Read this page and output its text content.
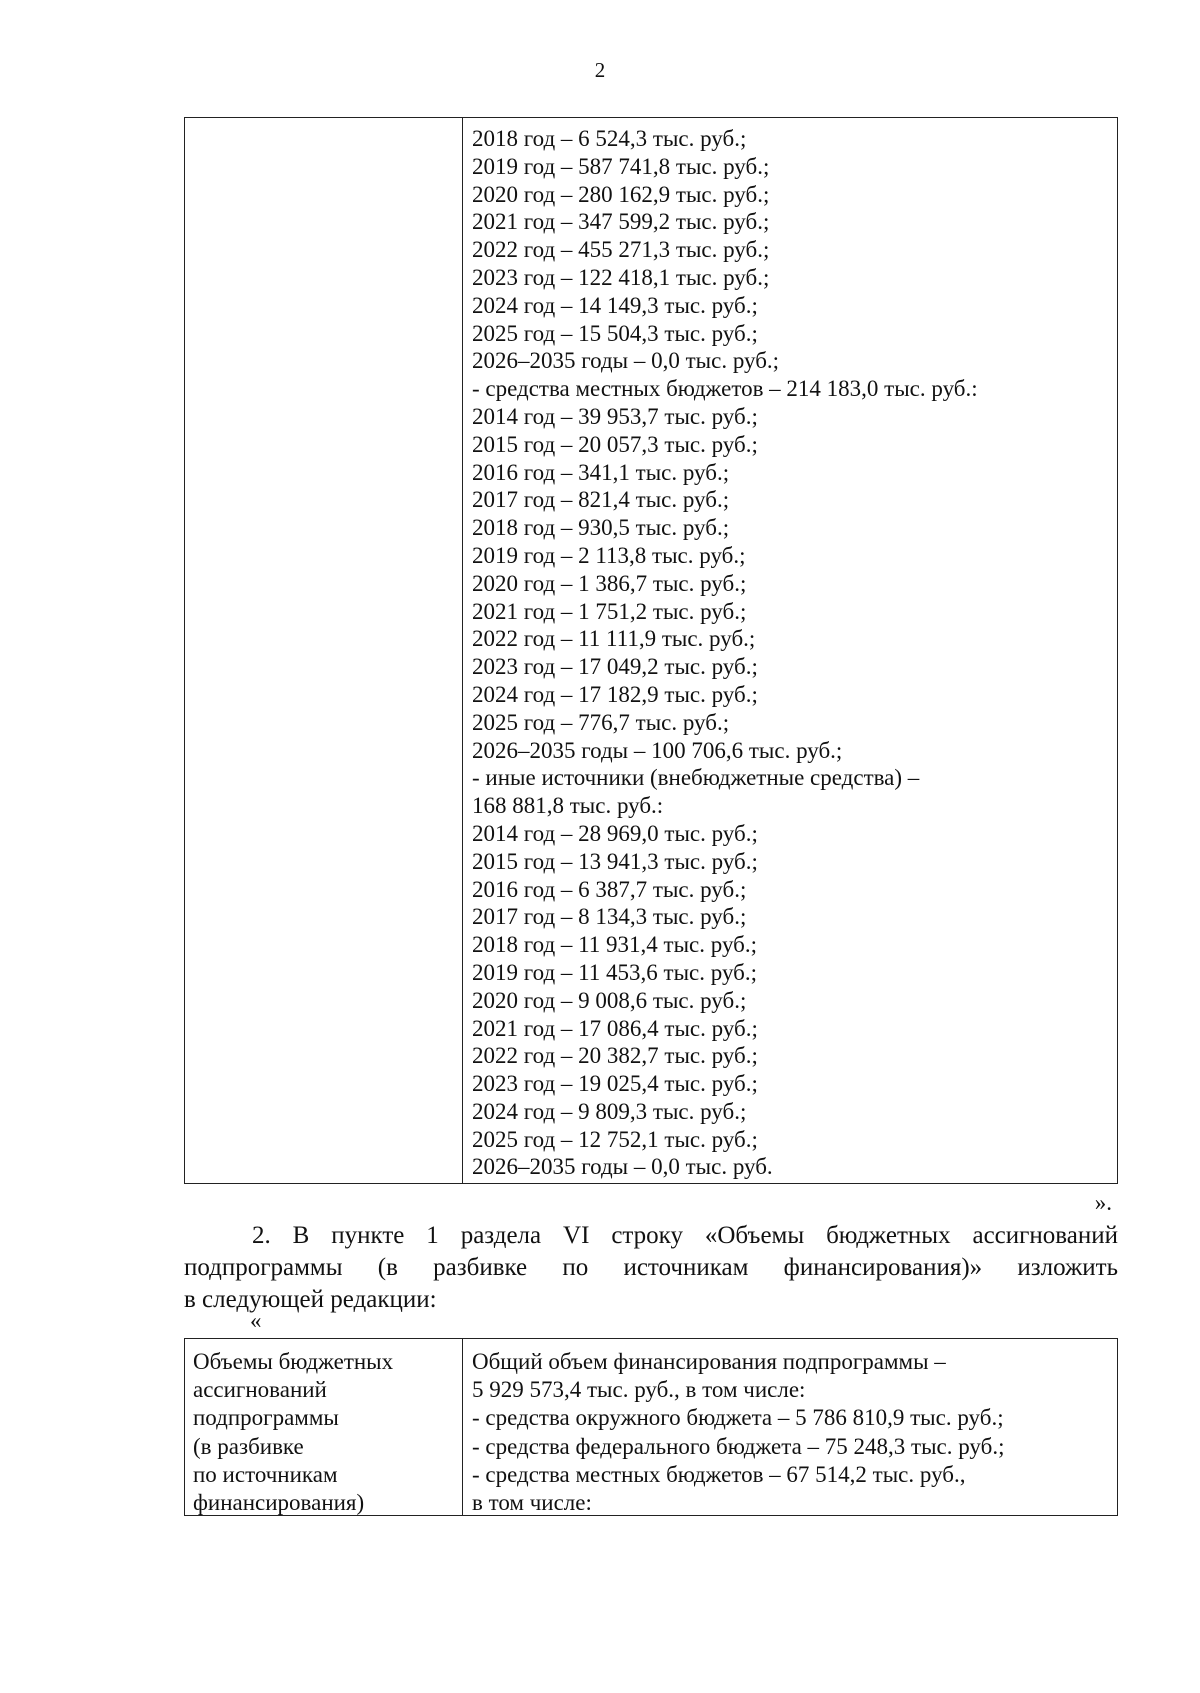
2
2018 год – 6 524,3 тыс. руб.;
2019 год – 587 741,8 тыс. руб.;
2020 год – 280 162,9 тыс. руб.;
2021 год – 347 599,2 тыс. руб.;
2022 год – 455 271,3 тыс. руб.;
2023 год – 122 418,1 тыс. руб.;
2024 год – 14 149,3 тыс. руб.;
2025 год – 15 504,3 тыс. руб.;
2026–2035 годы – 0,0 тыс. руб.;
- средства местных бюджетов – 214 183,0 тыс. руб.:
2014 год – 39 953,7 тыс. руб.;
2015 год – 20 057,3 тыс. руб.;
2016 год – 341,1 тыс. руб.;
2017 год – 821,4 тыс. руб.;
2018 год – 930,5 тыс. руб.;
2019 год – 2 113,8 тыс. руб.;
2020 год – 1 386,7 тыс. руб.;
2021 год – 1 751,2 тыс. руб.;
2022 год – 11 111,9 тыс. руб.;
2023 год – 17 049,2 тыс. руб.;
2024 год – 17 182,9 тыс. руб.;
2025 год – 776,7 тыс. руб.;
2026–2035 годы – 100 706,6 тыс. руб.;
- иные источники (внебюджетные средства) –
168 881,8 тыс. руб.:
2014 год – 28 969,0 тыс. руб.;
2015 год – 13 941,3 тыс. руб.;
2016 год – 6 387,7 тыс. руб.;
2017 год – 8 134,3 тыс. руб.;
2018 год – 11 931,4 тыс. руб.;
2019 год – 11 453,6 тыс. руб.;
2020 год – 9 008,6 тыс. руб.;
2021 год – 17 086,4 тыс. руб.;
2022 год – 20 382,7 тыс. руб.;
2023 год – 19 025,4 тыс. руб.;
2024 год – 9 809,3 тыс. руб.;
2025 год – 12 752,1 тыс. руб.;
2026–2035 годы – 0,0 тыс. руб.
».
2. В пункте 1 раздела VI строку «Объемы бюджетных ассигнований
подпрограммы (в разбивке по источникам финансирования)» изложить
в следующей редакции:
«
Объемы бюджетных
ассигнований
подпрограммы
(в разбивке
по источникам
финансирования)
Общий объем финансирования подпрограммы –
5 929 573,4 тыс. руб., в том числе:
- средства окружного бюджета – 5 786 810,9 тыс. руб.;
- средства федерального бюджета – 75 248,3 тыс. руб.;
- средства местных бюджетов – 67 514,2 тыс. руб.,
в том числе:
